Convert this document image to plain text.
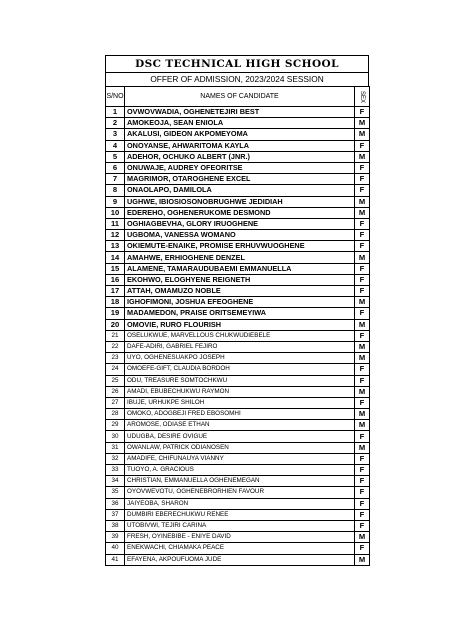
DSC TECHNICAL HIGH SCHOOL
OFFER OF ADMISSION, 2023/2024 SESSION
S/NO	NAMES OF CANDIDATE	SEX
1	OVWOVWADIA, OGHENETEJIRI BEST	F
2	AMOKEOJA, SEAN ENIOLA	M
3	AKALUSI, GIDEON AKPOMEYOMA	M
4	ONOYANSE, AHWARITOMA KAYLA	F
5	ADEHOR, OCHUKO ALBERT (JNR.)	M
6	ONUWAJE, AUDREY OFEORITSE	F
7	MAGRIMOR, OTAROGHENE EXCEL	F
8	ONAOLAPO, DAMILOLA	F
9	UGHWE, IBIOSIOSONOBRUGHWE JEDIDIAH	M
10	EDEREHO, OGHENERUKOME DESMOND	M
11	OGHIAGBEVHA, GLORY IRUOGHENE	F
12	UGBOMA, VANESSA WOMANO	F
13	OKIEMUTE-ENAIKE, PROMISE ERHUVWUOGHENE	F
14	AMAHWE, ERHIOGHENE DENZEL	M
15	ALAMENE, TAMARAUDUBAEMI EMMANUELLA	F
16	EKOHWO, ELOGHYENE REIGNETH	F
17	ATTAH, OMAMUZO NOBLE	F
18	IGHOFIMONI, JOSHUA EFEOGHENE	M
19	MADAMEDON, PRAISE ORITSEMEYIWA	F
20	OMOVIE, RURO FLOURISH	M
21	OSELUKWUE, MARVELLOUS CHUKWUDIEBELE	F
22	DAFE-ADIRI, GABRIEL FEJIRO	M
23	UYO, OGHENESUAKPO JOSEPH	M
24	OMOEFE-GIFT, CLAUDIA BORDOH	F
25	ODU, TREASURE SOMTOCHKWU	F
26	AMADI, EBUBECHUKWU RAYMON	M
27	IBUJE, URHUKPE SHILOH	F
28	OMOKO, ADOGBEJI FRED EBOSOMHI	M
29	AROMOSE, ODIASE ETHAN	M
30	UDUGBA, DESIRE OVIGUE	F
31	OWANLAW, PATRICK ODIANOSEN	M
32	AMADIFE, CHIFUNAUYA VIANNY	F
33	TUOYO, A. GRACIOUS	F
34	CHRISTIAN, EMMANUELLA OGHENEMEGAN	F
35	OYOVWEVOTU, OGHENEBRORHIEN FAVOUR	F
36	JAIYEOBA, SHARON	F
37	DUMBIRI EBERECHUKWU RENEE	F
38	UTOBIVWI, TEJIRI CARINA	F
39	FRESH, OYINEBIBE - ENIYE DAVID	M
40	ENEKWACHI, CHIAMAKA PEACE	F
41	EFAYENA, AKPOUFUOMA JUDE	M
